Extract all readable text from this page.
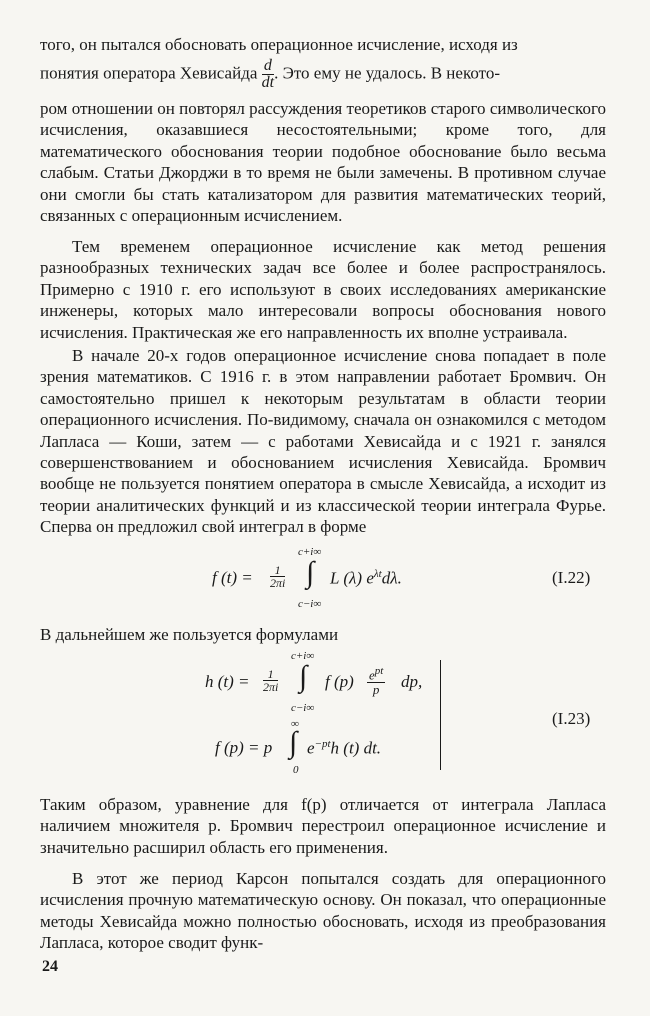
того, он пытался обосновать операционное исчисление, исходя из

понятия оператора Хевисайда $\frac{d}{dt}$ . Это ему не удалось. В некото-

ром отношении он повторял рассуждения теоретиков старого символического исчисления, оказавшиеся несостоятельными; кроме того, для математического обоснования теории подобное обоснование было весьма слабым. Статьи Джорджи в то время не были замечены. В противном случае они смогли бы стать катализатором для развития математических теорий, связанных с операционным исчислением.

Тем временем операционное исчисление как метод решения разнообразных технических задач все более и более распространялось. Примерно с 1910 г. его используют в своих исследованиях американские инженеры, которых мало интересовали вопросы обоснования нового исчисления. Практическая же его направленность их вполне устраивала.

В начале 20-х годов операционное исчисление снова попадает в поле зрения математиков. С 1916 г. в этом направлении работает Бромвич. Он самостоятельно пришел к некоторым результатам в области теории операционного исчисления. По-видимому, сначала он ознакомился с методом Лапласа — Коши, затем — с работами Хевисайда и с 1921 г. занялся совершенствованием и обоснованием исчисления Хевисайда. Бромвич вообще не пользуется понятием оператора в смысле Хевисайда, а исходит из теории аналитических функций и из классической теории интеграла Фурье. Сперва он предложил свой интеграл в форме

f $(t) = \frac{1}{2\pi i}$
c+i∞
∫
c−i∞
L (λ) $e^{\lambda t}d\lambda$.	(I.22)

В дальнейшем же пользуется формулами

h $(t) = \frac{1}{2\pi i}$
c+i∞
∫
c−i∞
f (p) $e^{pt}$
p	dp,
f (p) = p
∞
∫
0
$e^{-pt}h$ (t) dt.
(I.23)

Таким образом, уравнение для f(p) отличается от интеграла Лапласа наличием множителя p. Бромвич перестроил операционное исчисление и значительно расширил область его применения.

В этот же период Карсон попытался создать для операционного исчисления прочную математическую основу. Он показал, что операционные методы Хевисайда можно полностью обосновать, исходя из преобразования Лапласа, которое сводит функ-

24
